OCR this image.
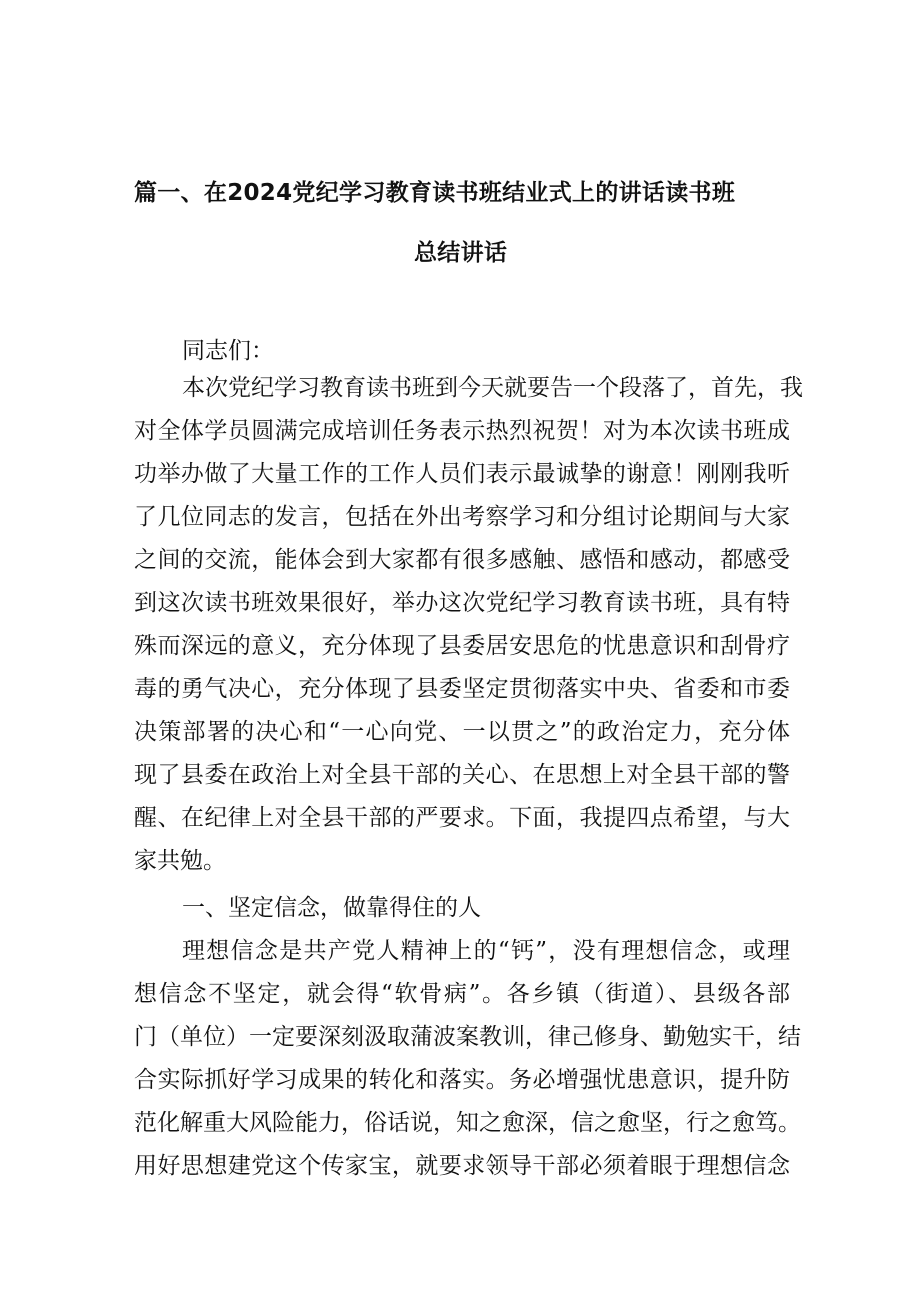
篇一、在2024党纪学习教育读书班结业式上的讲话读书班
总结讲话
同志们：
本次党纪学习教育读书班到今天就要告一个段落了，首先，我
对全体学员圆满完成培训任务表示热烈祝贺！对为本次读书班成
功举办做了大量工作的工作人员们表示最诚挚的谢意！刚刚我听
了几位同志的发言，包括在外出考察学习和分组讨论期间与大家
之间的交流，能体会到大家都有很多感触、感悟和感动，都感受
到这次读书班效果很好，举办这次党纪学习教育读书班，具有特
殊而深远的意义，充分体现了县委居安思危的忧患意识和刮骨疗
毒的勇气决心，充分体现了县委坚定贯彻落实中央、省委和市委
决策部署的决心和“一心向党、一以贯之”的政治定力，充分体
现了县委在政治上对全县干部的关心、在思想上对全县干部的警
醒、在纪律上对全县干部的严要求。下面，我提四点希望，与大
家共勉。
一、坚定信念，做靠得住的人
理想信念是共产党人精神上的“钙”，没有理想信念，或理
想信念不坚定，就会得“软骨病”。各乡镇（街道）、县级各部
门（单位）一定要深刻汲取蒲波案教训，律己修身、勤勉实干，结
合实际抓好学习成果的转化和落实。务必增强忧患意识，提升防
范化解重大风险能力，俗话说，知之愈深，信之愈坚，行之愈笃。
用好思想建党这个传家宝，就要求领导干部必须着眼于理想信念
